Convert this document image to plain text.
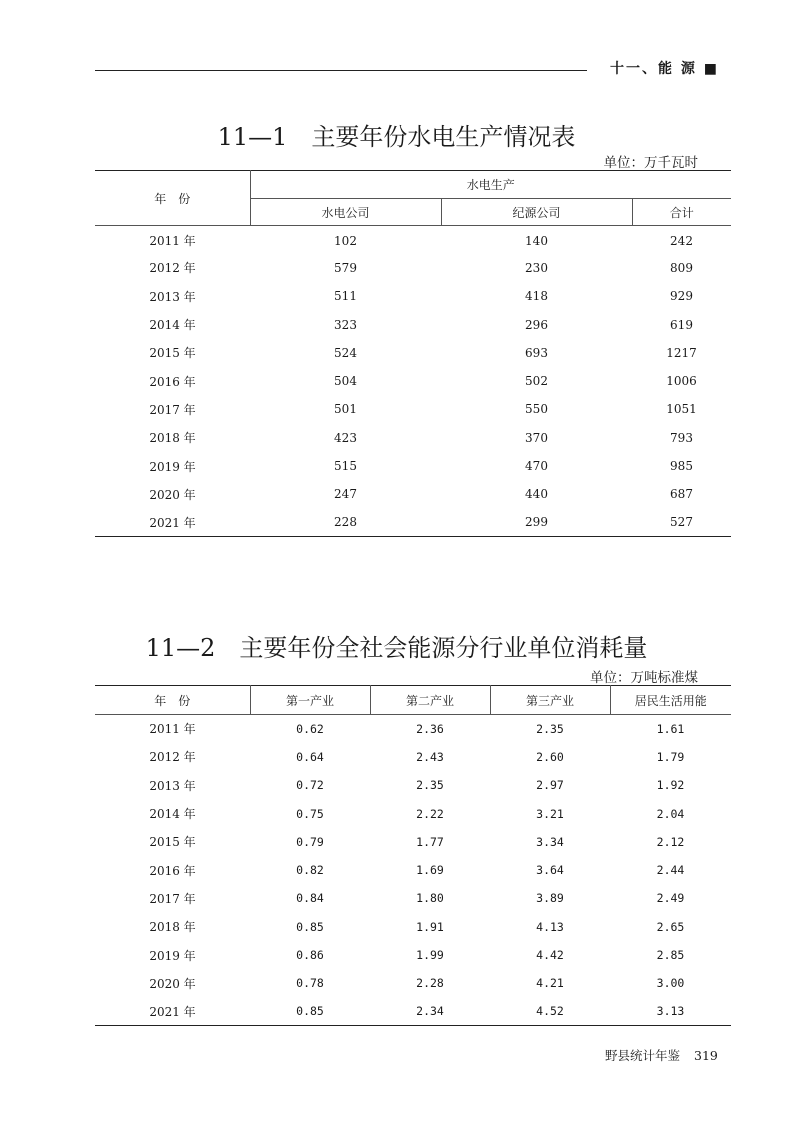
十一、能 源 ■
11—1　主要年份水电生产情况表
单位：万千瓦时
年　份	水电生产		
	水电公司	纪源公司	合计
2011 年	102	140	242
2012 年	579	230	809
2013 年	511	418	929
2014 年	323	296	619
2015 年	524	693	1217
2016 年	504	502	1006
2017 年	501	550	1051
2018 年	423	370	793
2019 年	515	470	985
2020 年	247	440	687
2021 年	228	299	527
11—2　主要年份全社会能源分行业单位消耗量
单位：万吨标准煤
年　份	第一产业	第二产业	第三产业	居民生活用能
2011 年	0.62	2.36	2.35	1.61
2012 年	0.64	2.43	2.60	1.79
2013 年	0.72	2.35	2.97	1.92
2014 年	0.75	2.22	3.21	2.04
2015 年	0.79	1.77	3.34	2.12
2016 年	0.82	1.69	3.64	2.44
2017 年	0.84	1.80	3.89	2.49
2018 年	0.85	1.91	4.13	2.65
2019 年	0.86	1.99	4.42	2.85
2020 年	0.78	2.28	4.21	3.00
2021 年	0.85	2.34	4.52	3.13
野县统计年鉴 319
